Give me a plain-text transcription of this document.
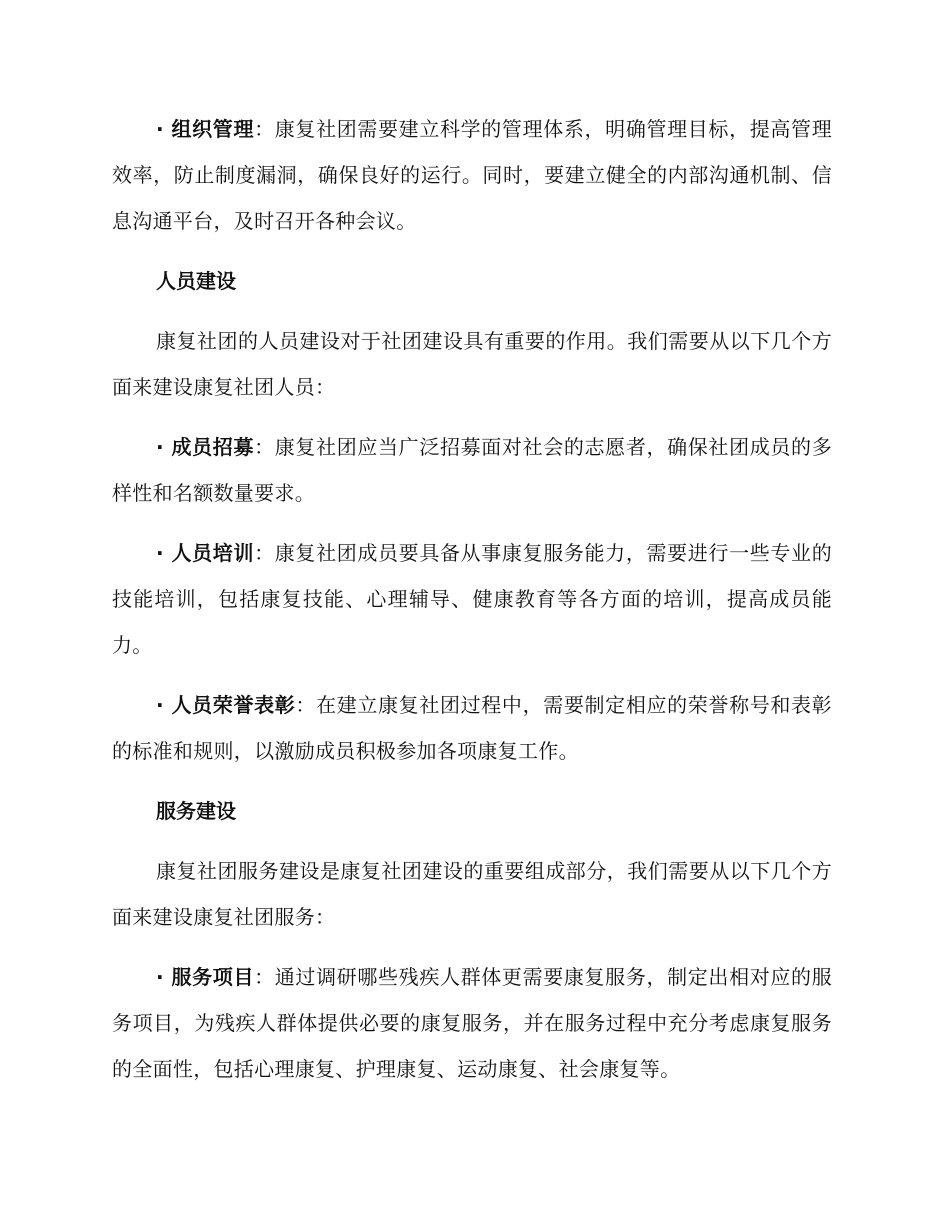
· 组织管理：康复社团需要建立科学的管理体系，明确管理目标，提高管理效率，防止制度漏洞，确保良好的运行。同时，要建立健全的内部沟通机制、信息沟通平台，及时召开各种会议。

人员建设

康复社团的人员建设对于社团建设具有重要的作用。我们需要从以下几个方面来建设康复社团人员：

· 成员招募：康复社团应当广泛招募面对社会的志愿者，确保社团成员的多样性和名额数量要求。

· 人员培训：康复社团成员要具备从事康复服务能力，需要进行一些专业的技能培训，包括康复技能、心理辅导、健康教育等各方面的培训，提高成员能力。

· 人员荣誉表彰：在建立康复社团过程中，需要制定相应的荣誉称号和表彰的标准和规则，以激励成员积极参加各项康复工作。

服务建设

康复社团服务建设是康复社团建设的重要组成部分，我们需要从以下几个方面来建设康复社团服务：

· 服务项目：通过调研哪些残疾人群体更需要康复服务，制定出相对应的服务项目，为残疾人群体提供必要的康复服务，并在服务过程中充分考虑康复服务的全面性，包括心理康复、护理康复、运动康复、社会康复等。
